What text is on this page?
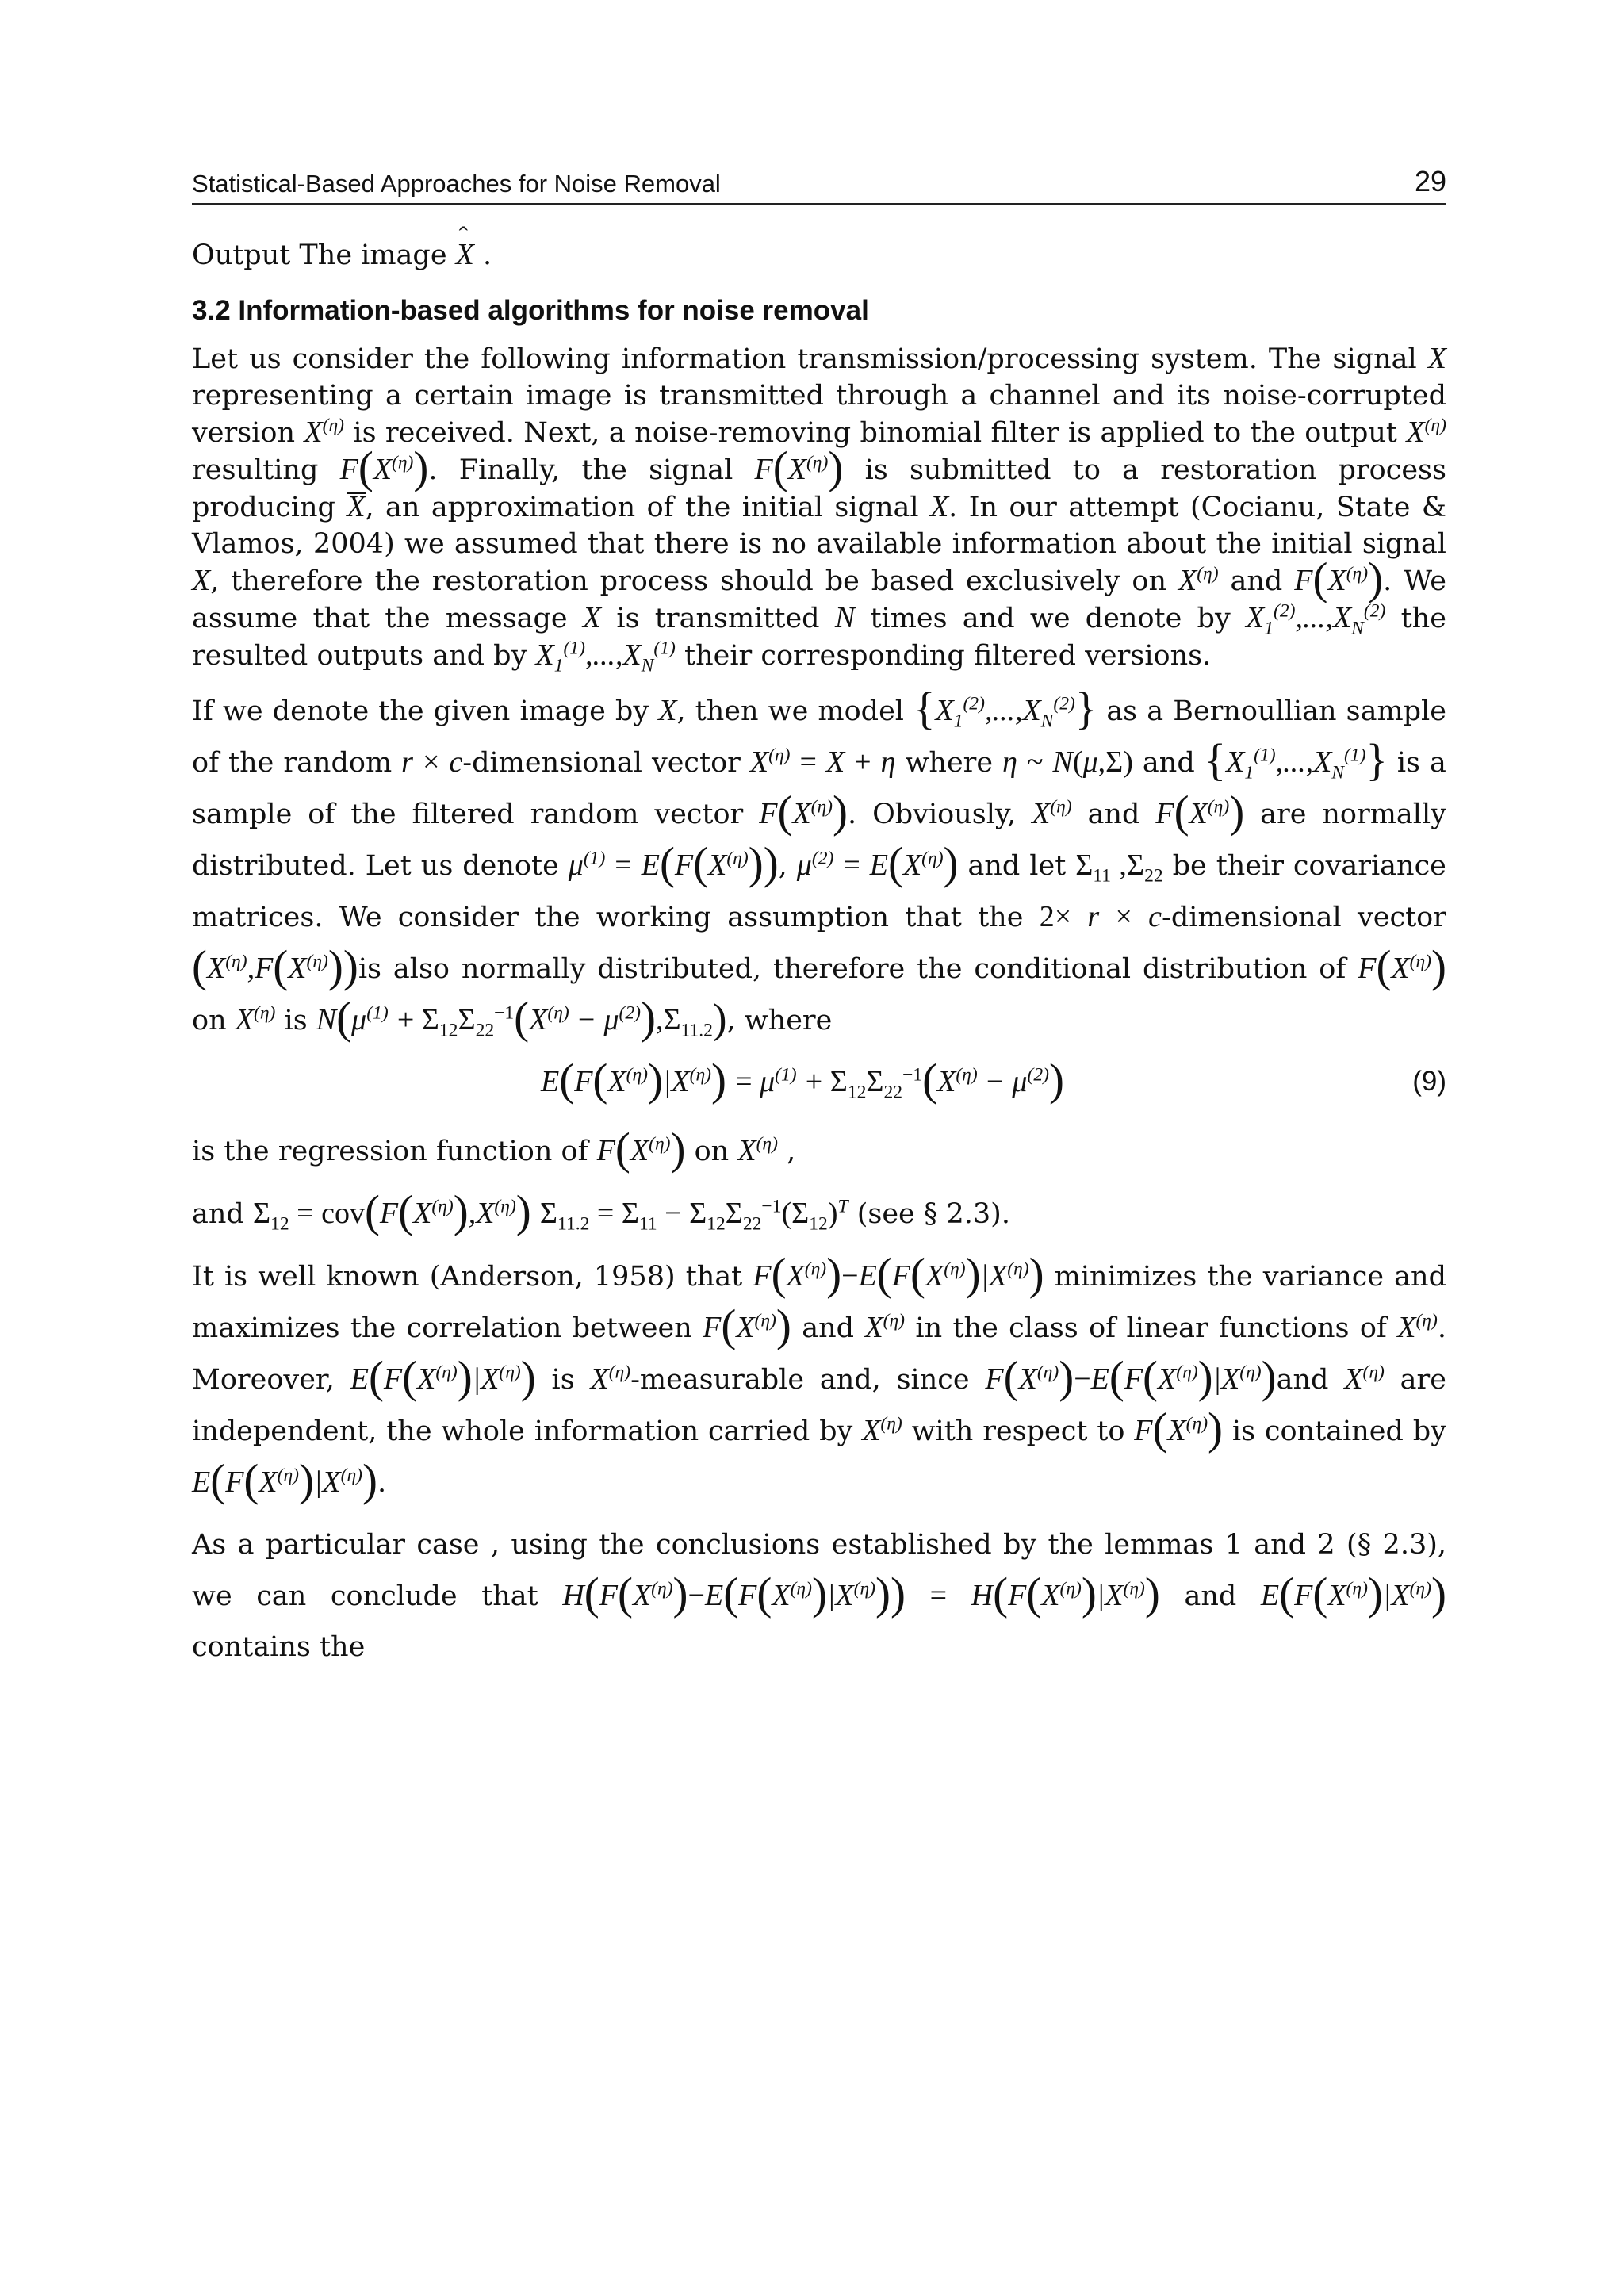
Statistical-Based Approaches for Noise Removal	29

Output The image ˆ X .

3.2 Information-based algorithms for noise removal

Let us consider the following information transmission/processing system. The signal X representing a certain image is transmitted through a channel and its noise-corrupted version $X^{(\eta)}$ is received. Next, a noise-removing binomial filter is applied to the output $X^{(\eta)}$ resulting $F(X^{(\eta)})$. Finally, the signal $F(X^{(\eta)})$ is submitted to a restoration process producing X, an approximation of the initial signal X. In our attempt (Cocianu, State & Vlamos, 2004) we assumed that there is no available information about the initial signal X, therefore the restoration process should be based exclusively on $X^{(\eta)}$ and $F(X^{(\eta)})$. We assume that the message X is transmitted N times and we denote by $X_1^{(2)},...,X_N^{(2)}$ the resulted outputs and by $X_1^{(1)},...,X_N^{(1)}$ their corresponding filtered versions.

If we denote the given image by X, then we model $\{X_1^{(2)},...,X_N^{(2)}\}$ as a Bernoullian sample of the random r × c-dimensional vector $X^{(\eta)} = X + \eta$ where η ~ N(μ,Σ) and $\{X_1^{(1)},...,X_N^{(1)}\}$ is a sample of the filtered random vector $F(X^{(\eta)})$. Obviously, $X^{(\eta)}$ and $F(X^{(\eta)})$ are normally distributed. Let us denote $\mu^{(1)} = E(F(X^{(\eta)}))$, $\mu^{(2)} = E(X^{(\eta)})$ and let $\Sigma_{11}$ $,\Sigma_{22}$ be their covariance matrices. We consider the working assumption that the 2× r × c-dimensional vector $(X^{(\eta)},F(X^{(\eta)}))is$ also normally distributed, therefore the conditional distribution of $F(X^{(\eta)})$ on $X^{(\eta)}$ is $N(\mu^{(1)} + \Sigma_{12}\Sigma_{22}^{-1}(X^{(\eta)} - \mu^{(2)}),\Sigma_{11.2})$, where

$E(F(X^{(\eta)})|X^{(\eta)}) = \mu^{(1)} + \Sigma_{12}\Sigma_{22}^{-1}(X^{(\eta)} - \mu^{(2)})$	(9)

is the regression function of $F(X^{(\eta)})$ on $X^{(\eta)}$ ,

and $\Sigma_{12} = cov(F(X^{(\eta)}),X^{(\eta)}) \Sigma_{11.2} = \Sigma_{11} - \Sigma_{12}\Sigma_{22}^{-1}(\Sigma_{12})^T$ (see § 2.3).

It is well known (Anderson, 1958) that $F(X^{(\eta)})-E(F(X^{(\eta)})|X^{(\eta)})$ minimizes the variance and maximizes the correlation between $F(X^{(\eta)})$ and $X^{(\eta)}$ in the class of linear functions of $X^{(\eta)}$. Moreover, $E(F(X^{(\eta)})|X^{(\eta)})$ is $X^{(\eta)}$-measurable and, since $F(X^{(\eta)})-E(F(X^{(\eta)})|X^{(\eta)})and$ $X^{(\eta)}$ are independent, the whole information carried by $X^{(\eta)}$ with respect to $F(X^{(\eta)})$ is contained by $E(F(X^{(\eta)})|X^{(\eta)})$.

As a particular case , using the conclusions established by the lemmas 1 and 2 (§ 2.3), we can conclude that $H(F(X^{(\eta)})-E(F(X^{(\eta)})|X^{(\eta)})) = H(F(X^{(\eta)})|X^{(\eta)})$ and $E(F(X^{(\eta)})|X^{(\eta)})$ contains the
